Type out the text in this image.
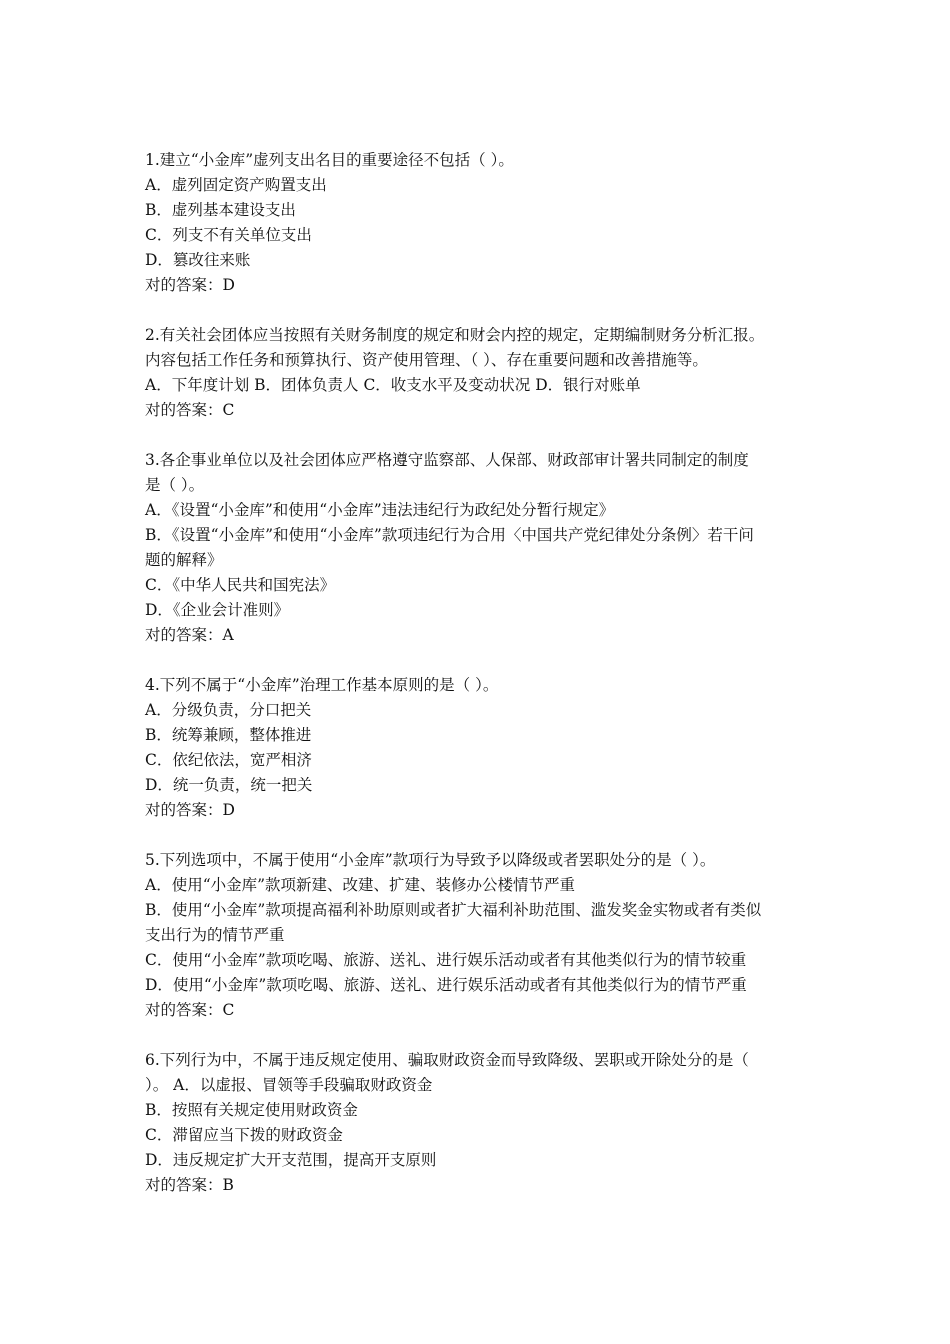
1.建立“小金库”虚列支出名目的重要途径不包括（ ）。
A．虚列固定资产购置支出
B．虚列基本建设支出
C．列支不有关单位支出
D．篡改往来账
对的答案：D
2.有关社会团体应当按照有关财务制度的规定和财会内控的规定，定期编制财务分析汇报。
内容包括工作任务和预算执行、资产使用管理、（ ）、存在重要问题和改善措施等。
A．下年度计划 B．团体负责人 C．收支水平及变动状况 D．银行对账单
对的答案：C
3.各企事业单位以及社会团体应严格遵守监察部、人保部、财政部审计署共同制定的制度
是（ ）。
A．《设置“小金库”和使用“小金库”违法违纪行为政纪处分暂行规定》
B．《设置“小金库”和使用“小金库”款项违纪行为合用〈中国共产党纪律处分条例〉若干问
题的解释》
C．《中华人民共和国宪法》
D．《企业会计准则》
对的答案：A
4.下列不属于“小金库”治理工作基本原则的是（ ）。
A．分级负责，分口把关
B．统筹兼顾，整体推进
C．依纪依法，宽严相济
D．统一负责，统一把关
对的答案：D
5.下列选项中，不属于使用“小金库”款项行为导致予以降级或者罢职处分的是（ ）。
A．使用“小金库”款项新建、改建、扩建、装修办公楼情节严重
B．使用“小金库”款项提高福利补助原则或者扩大福利补助范围、滥发奖金实物或者有类似
支出行为的情节严重
C．使用“小金库”款项吃喝、旅游、送礼、进行娱乐活动或者有其他类似行为的情节较重
D．使用“小金库”款项吃喝、旅游、送礼、进行娱乐活动或者有其他类似行为的情节严重
对的答案：C
6.下列行为中，不属于违反规定使用、骗取财政资金而导致降级、罢职或开除处分的是（
）。 A．以虚报、冒领等手段骗取财政资金
B．按照有关规定使用财政资金
C．滞留应当下拨的财政资金
D．违反规定扩大开支范围，提高开支原则
对的答案：B
